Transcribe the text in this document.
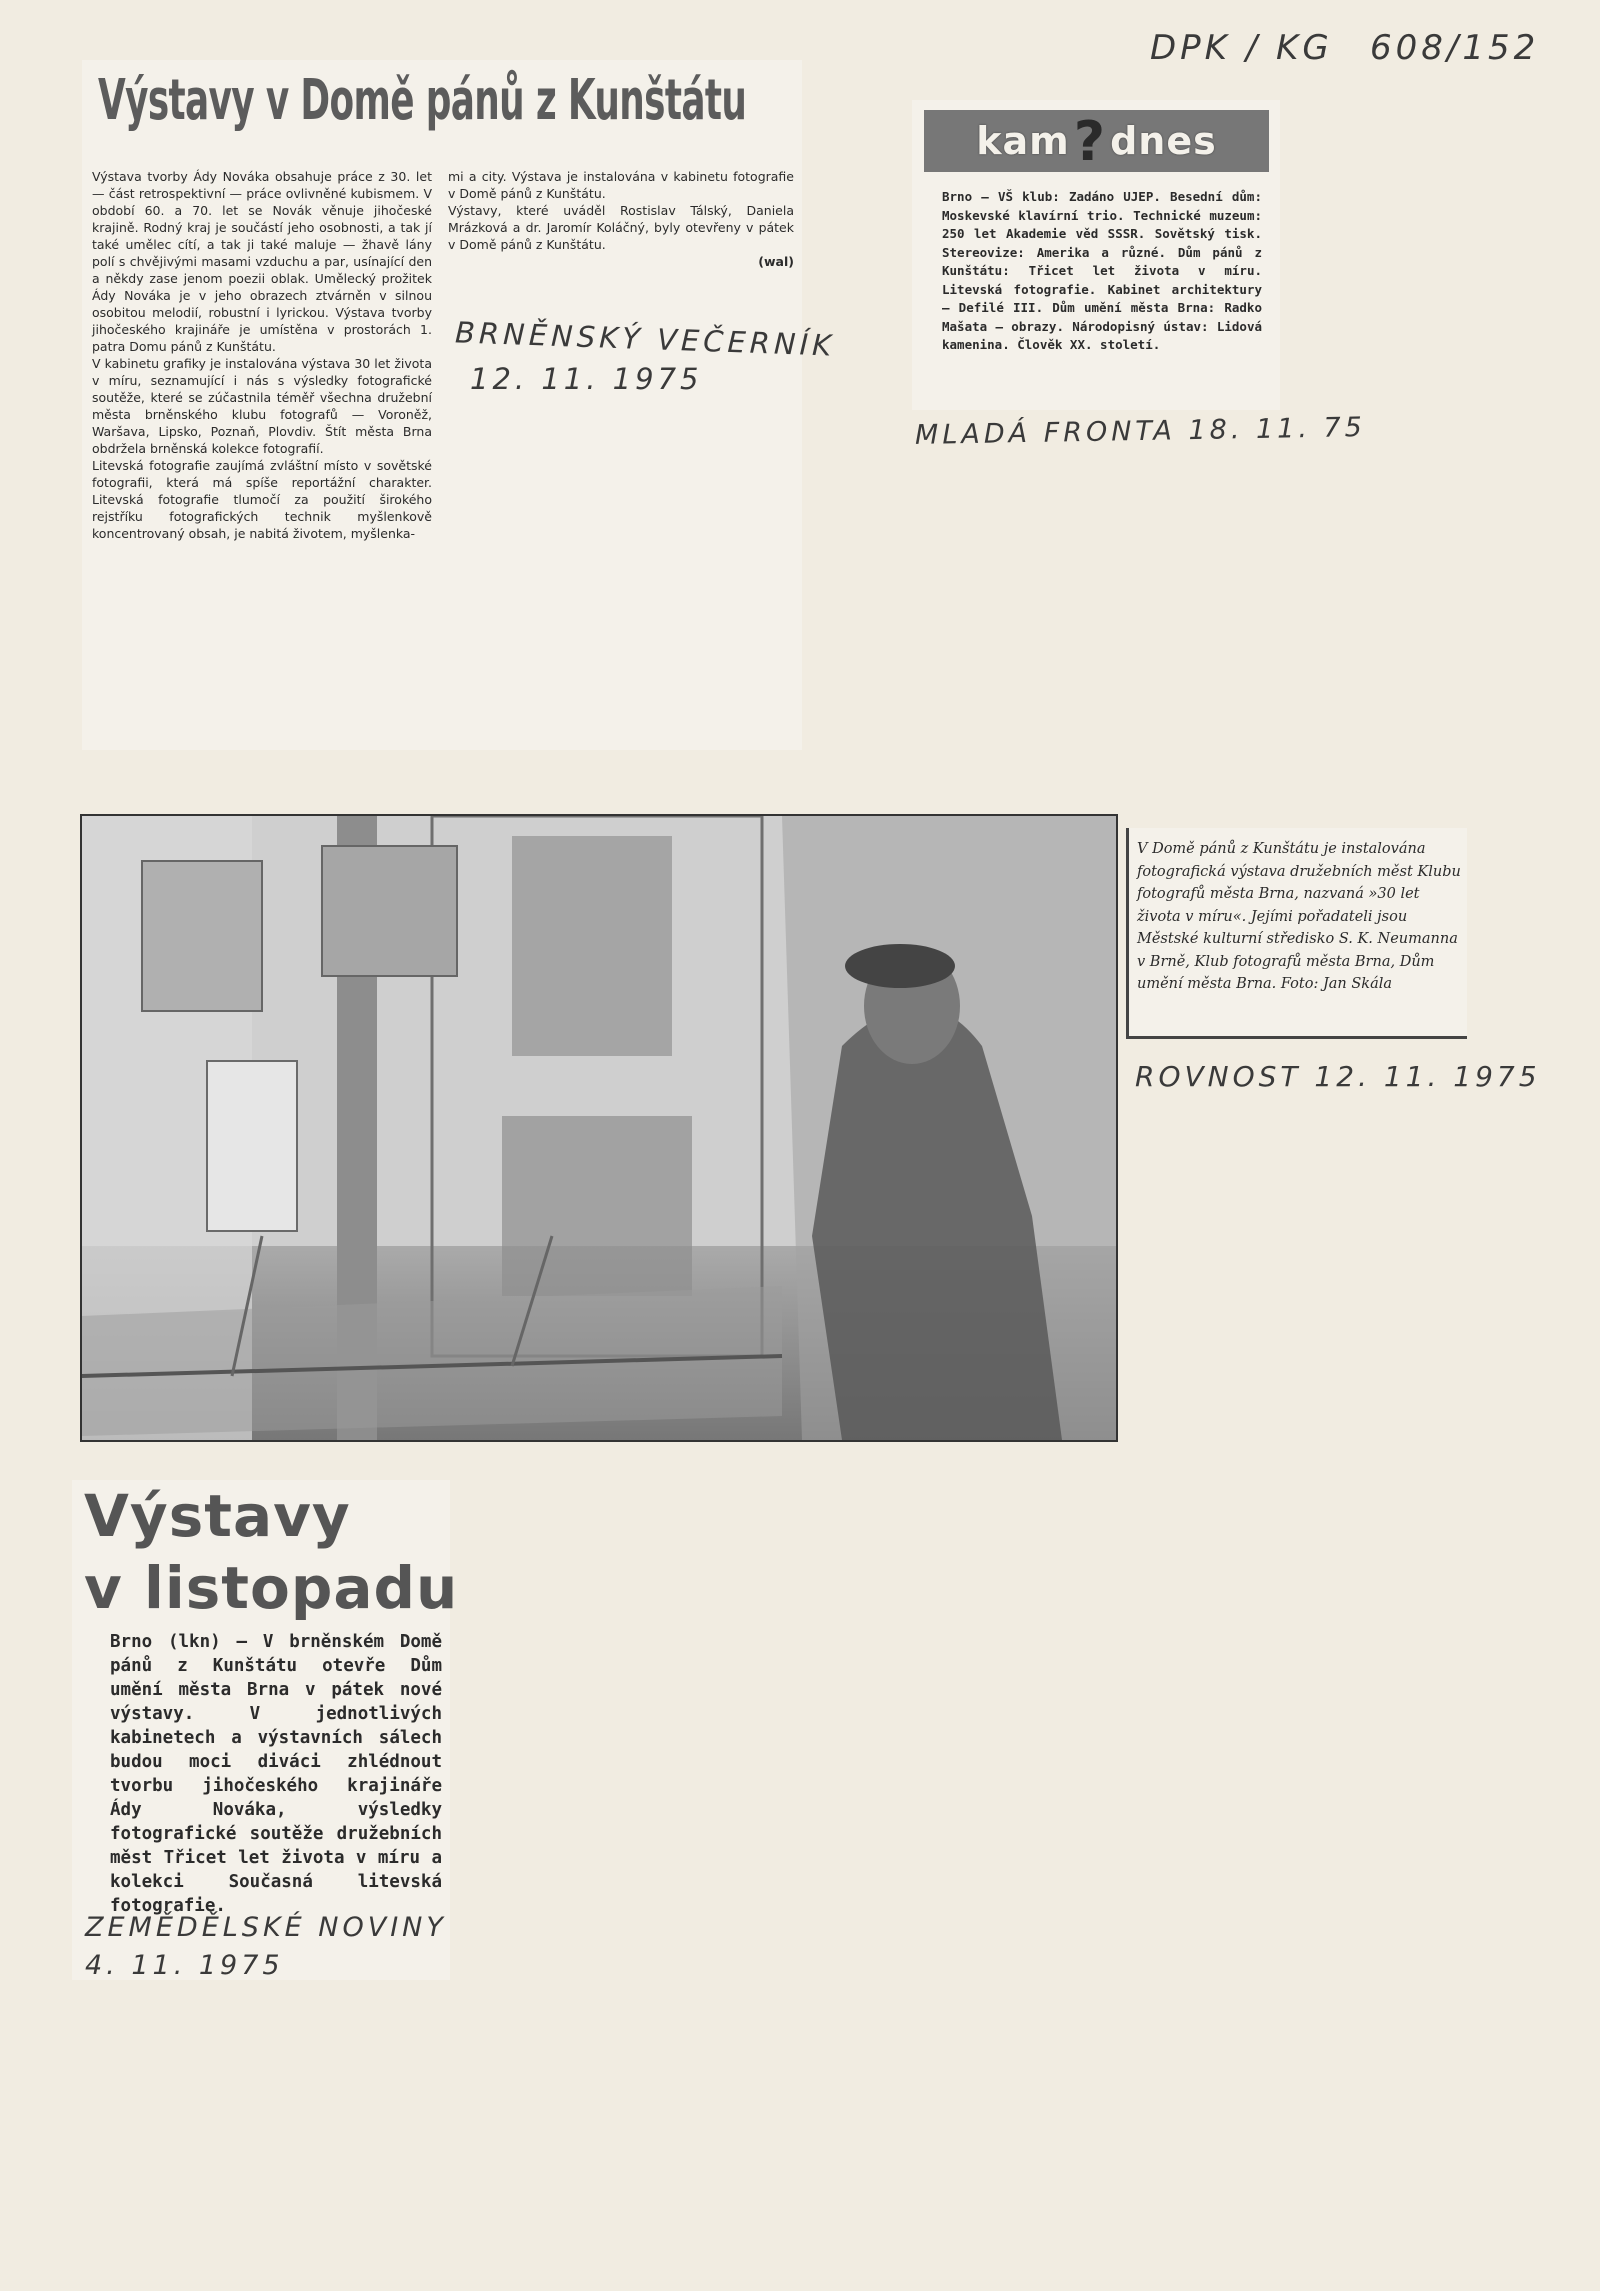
DPK / KG 608/152
Výstavy v Domě pánů z Kunštátu

Výstava tvorby Ády Nováka obsahuje práce z 30. let — část retrospektivní — práce ovlivněné kubismem. V období 60. a 70. let se Novák věnuje jihočeské krajině. Rodný kraj je součástí jeho osobnosti, a tak jí také umělec cítí, a tak ji také maluje — žhavě lány polí s chvějivými masami vzduchu a par, usínající den a někdy zase jenom poezii oblak. Umělecký prožitek Ády Nováka je v jeho obrazech ztvárněn v silnou osobitou melodií, robustní i lyrickou. Výstava tvorby jihočeského krajináře je umístěna v prostorách 1. patra Domu pánů z Kunštátu.

V kabinetu grafiky je instalována výstava 30 let života v míru, seznamující i nás s výsledky fotografické soutěže, které se zúčastnila téměř všechna družební města brněnského klubu fotografů — Voroněž, Waršava, Lipsko, Poznaň, Plovdiv. Štít města Brna obdržela brněnská kolekce fotografií.

Litevská fotografie zaujímá zvláštní místo v sovětské fotografii, která má spíše reportážní charakter. Litevská fotografie tlumočí za použití širokého rejstříku fotografických technik myšlenkově koncentrovaný obsah, je nabitá životem, myšlenka-

mi a city. Výstava je instalována v kabinetu fotografie v Domě pánů z Kunštátu.

Výstavy, které uváděl Rostislav Tálský, Daniela Mrázková a dr. Jaromír Koláčný, byly otevřeny v pátek v Domě pánů z Kunštátu.

(wal)

BRNĚNSKÝ VEČERNÍK
12. 11. 1975
kam ? dnes
Brno — VŠ klub: Zadáno UJEP. Besední dům: Moskevské klavírní trio. Technické muzeum: 250 let Akademie věd SSSR. Sovětský tisk. Stereovize: Amerika a různé. Dům pánů z Kunštátu: Třicet let života v míru. Litevská fotografie. Kabinet architektury — Defilé III. Dům umění města Brna: Radko Mašata — obrazy. Národopisný ústav: Lidová kamenina. Člověk XX. století.
MLADÁ FRONTA 18. 11. 75
V Domě pánů z Kunštátu je instalována fotografická výstava družebních měst Klubu fotografů města Brna, nazvaná »30 let života v míru«. Jejími pořadateli jsou Městské kulturní středisko S. K. Neumanna v Brně, Klub fotografů města Brna, Dům umění města Brna. Foto: Jan Skála
ROVNOST 12. 11. 1975
Výstavy
v listopadu
Brno (lkn) — V brněnském Domě pánů z Kunštátu otevře Dům umění města Brna v pátek nové výstavy. V jednotlivých kabinetech a výstavních sálech budou moci diváci zhlédnout tvorbu jihočeského krajináře Ády Nováka, výsledky fotografické soutěže družebních měst Třicet let života v míru a kolekci Současná litevská fotografie.
ZEMĚDĚLSKÉ NOVINY
4. 11. 1975
